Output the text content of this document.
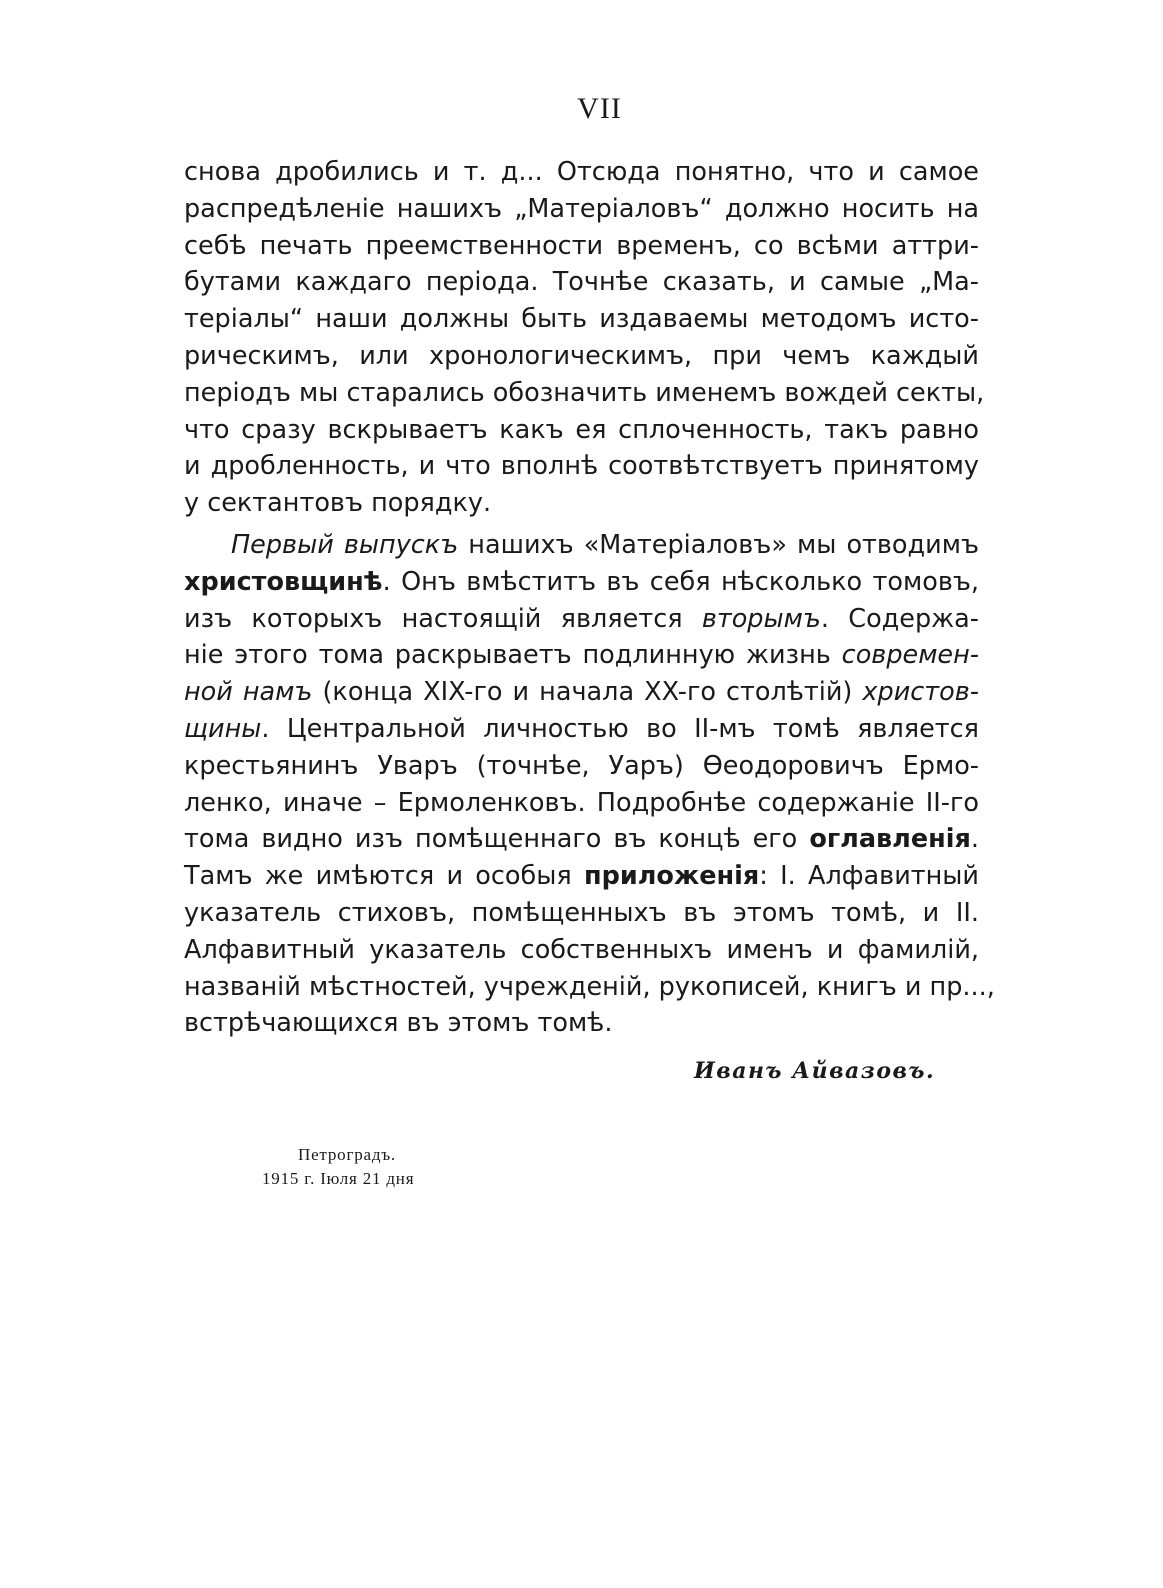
VII
снова дробились и т. д... Отсюда понятно, что и самое
распредѣленіе нашихъ „Матеріаловъ“ должно носить на
себѣ печать преемственности временъ, со всѣми аттри-
бутами каждаго періода. Точнѣе сказать, и самые „Ма-
теріалы“ наши должны быть издаваемы методомъ исто-
рическимъ, или хронологическимъ, при чемъ каждый
періодъ мы старались обозначить именемъ вождей секты,
что сразу вскрываетъ какъ ея сплоченность, такъ равно
и дробленность, и что вполнѣ соотвѣтствуетъ принятому
у сектантовъ порядку.
Первый выпускъ нашихъ «Матеріаловъ» мы отводимъ
христовщинѣ. Онъ вмѣститъ въ себя нѣсколько томовъ,
изъ которыхъ настоящій является вторымъ. Содержа-
ніе этого тома раскрываетъ подлинную жизнь современ-
ной намъ (конца XIX-го и начала XX-го столѣтій) христов-
щины. Центральной личностью во II-мъ томѣ является
крестьянинъ Уваръ (точнѣе, Уаръ) Ѳеодоровичъ Ермо-
ленко, иначе – Ермоленковъ. Подробнѣе содержаніе II-го
тома видно изъ помѣщеннаго въ концѣ его оглавленія.
Тамъ же имѣются и особыя приложенія: I. Алфавитный
указатель стиховъ, помѣщенныхъ въ этомъ томѣ, и II.
Алфавитный указатель собственныхъ именъ и фамилій,
названій мѣстностей, учрежденій, рукописей, книгъ и пр...,
встрѣчающихся въ этомъ томѣ.
Иванъ Айвазовъ.
Петроградъ.
1915 г. Іюля 21 дня
